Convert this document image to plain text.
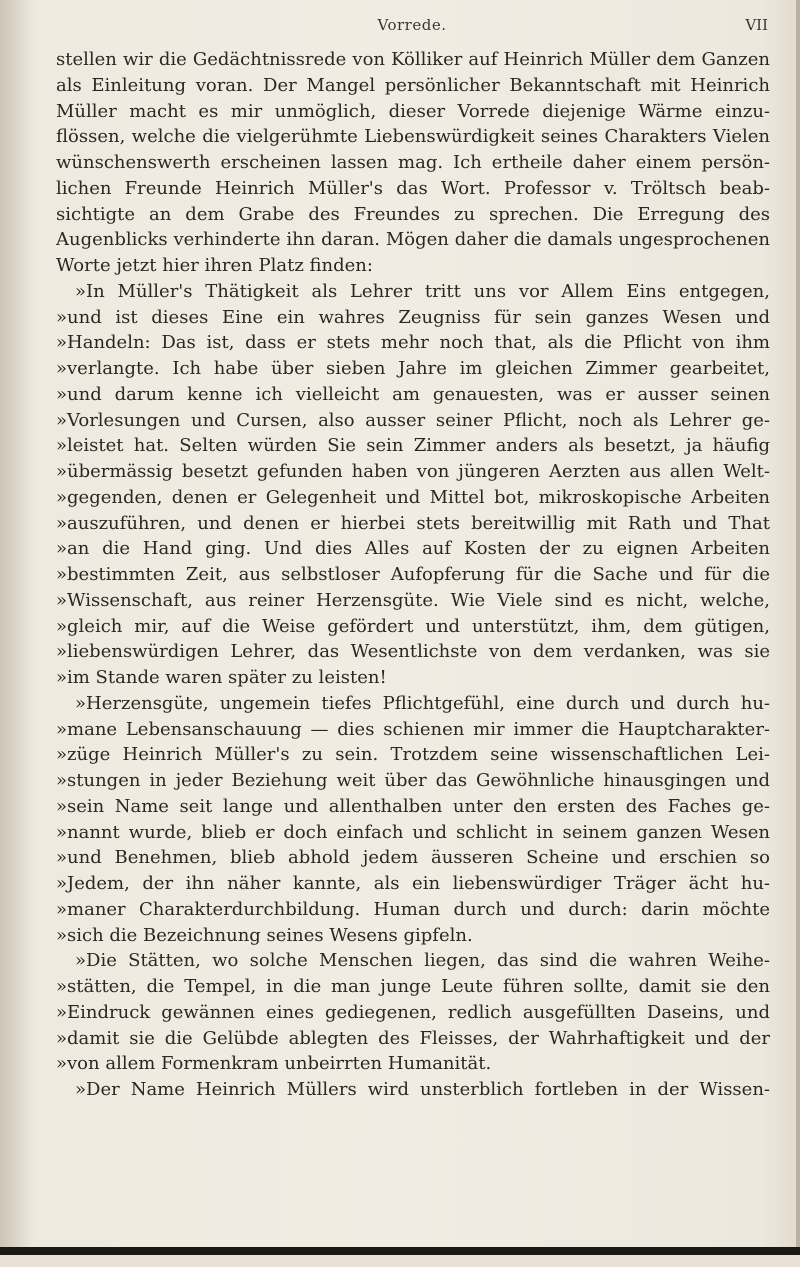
Vorrede.	VII
stellen wir die Gedächtnissrede von Kölliker auf Heinrich Müller dem Ganzen
als Einleitung voran. Der Mangel persönlicher Bekanntschaft mit Heinrich
Müller macht es mir unmöglich, dieser Vorrede diejenige Wärme einzu-
flössen, welche die vielgerühmte Liebenswürdigkeit seines Charakters Vielen
wünschenswerth erscheinen lassen mag. Ich ertheile daher einem persön-
lichen Freunde Heinrich Müller's das Wort. Professor v. Tröltsch beab-
sichtigte an dem Grabe des Freundes zu sprechen. Die Erregung des
Augenblicks verhinderte ihn daran. Mögen daher die damals ungesprochenen
Worte jetzt hier ihren Platz finden:
»In Müller's Thätigkeit als Lehrer tritt uns vor Allem Eins entgegen,
»und ist dieses Eine ein wahres Zeugniss für sein ganzes Wesen und
»Handeln: Das ist, dass er stets mehr noch that, als die Pflicht von ihm
»verlangte. Ich habe über sieben Jahre im gleichen Zimmer gearbeitet,
»und darum kenne ich vielleicht am genauesten, was er ausser seinen
»Vorlesungen und Cursen, also ausser seiner Pflicht, noch als Lehrer ge-
»leistet hat. Selten würden Sie sein Zimmer anders als besetzt, ja häufig
»übermässig besetzt gefunden haben von jüngeren Aerzten aus allen Welt-
»gegenden, denen er Gelegenheit und Mittel bot, mikroskopische Arbeiten
»auszuführen, und denen er hierbei stets bereitwillig mit Rath und That
»an die Hand ging. Und dies Alles auf Kosten der zu eignen Arbeiten
»bestimmten Zeit, aus selbstloser Aufopferung für die Sache und für die
»Wissenschaft, aus reiner Herzensgüte. Wie Viele sind es nicht, welche,
»gleich mir, auf die Weise gefördert und unterstützt, ihm, dem gütigen,
»liebenswürdigen Lehrer, das Wesentlichste von dem verdanken, was sie
»im Stande waren später zu leisten!
»Herzensgüte, ungemein tiefes Pflichtgefühl, eine durch und durch hu-
»mane Lebensanschauung — dies schienen mir immer die Hauptcharakter-
»züge Heinrich Müller's zu sein. Trotzdem seine wissenschaftlichen Lei-
»stungen in jeder Beziehung weit über das Gewöhnliche hinausgingen und
»sein Name seit lange und allenthalben unter den ersten des Faches ge-
»nannt wurde, blieb er doch einfach und schlicht in seinem ganzen Wesen
»und Benehmen, blieb abhold jedem äusseren Scheine und erschien so
»Jedem, der ihn näher kannte, als ein liebenswürdiger Träger ächt hu-
»maner Charakterdurchbildung. Human durch und durch: darin möchte
»sich die Bezeichnung seines Wesens gipfeln.
»Die Stätten, wo solche Menschen liegen, das sind die wahren Weihe-
»stätten, die Tempel, in die man junge Leute führen sollte, damit sie den
»Eindruck gewännen eines gediegenen, redlich ausgefüllten Daseins, und
»damit sie die Gelübde ablegten des Fleisses, der Wahrhaftigkeit und der
»von allem Formenkram unbeirrten Humanität.
»Der Name Heinrich Müllers wird unsterblich fortleben in der Wissen-
